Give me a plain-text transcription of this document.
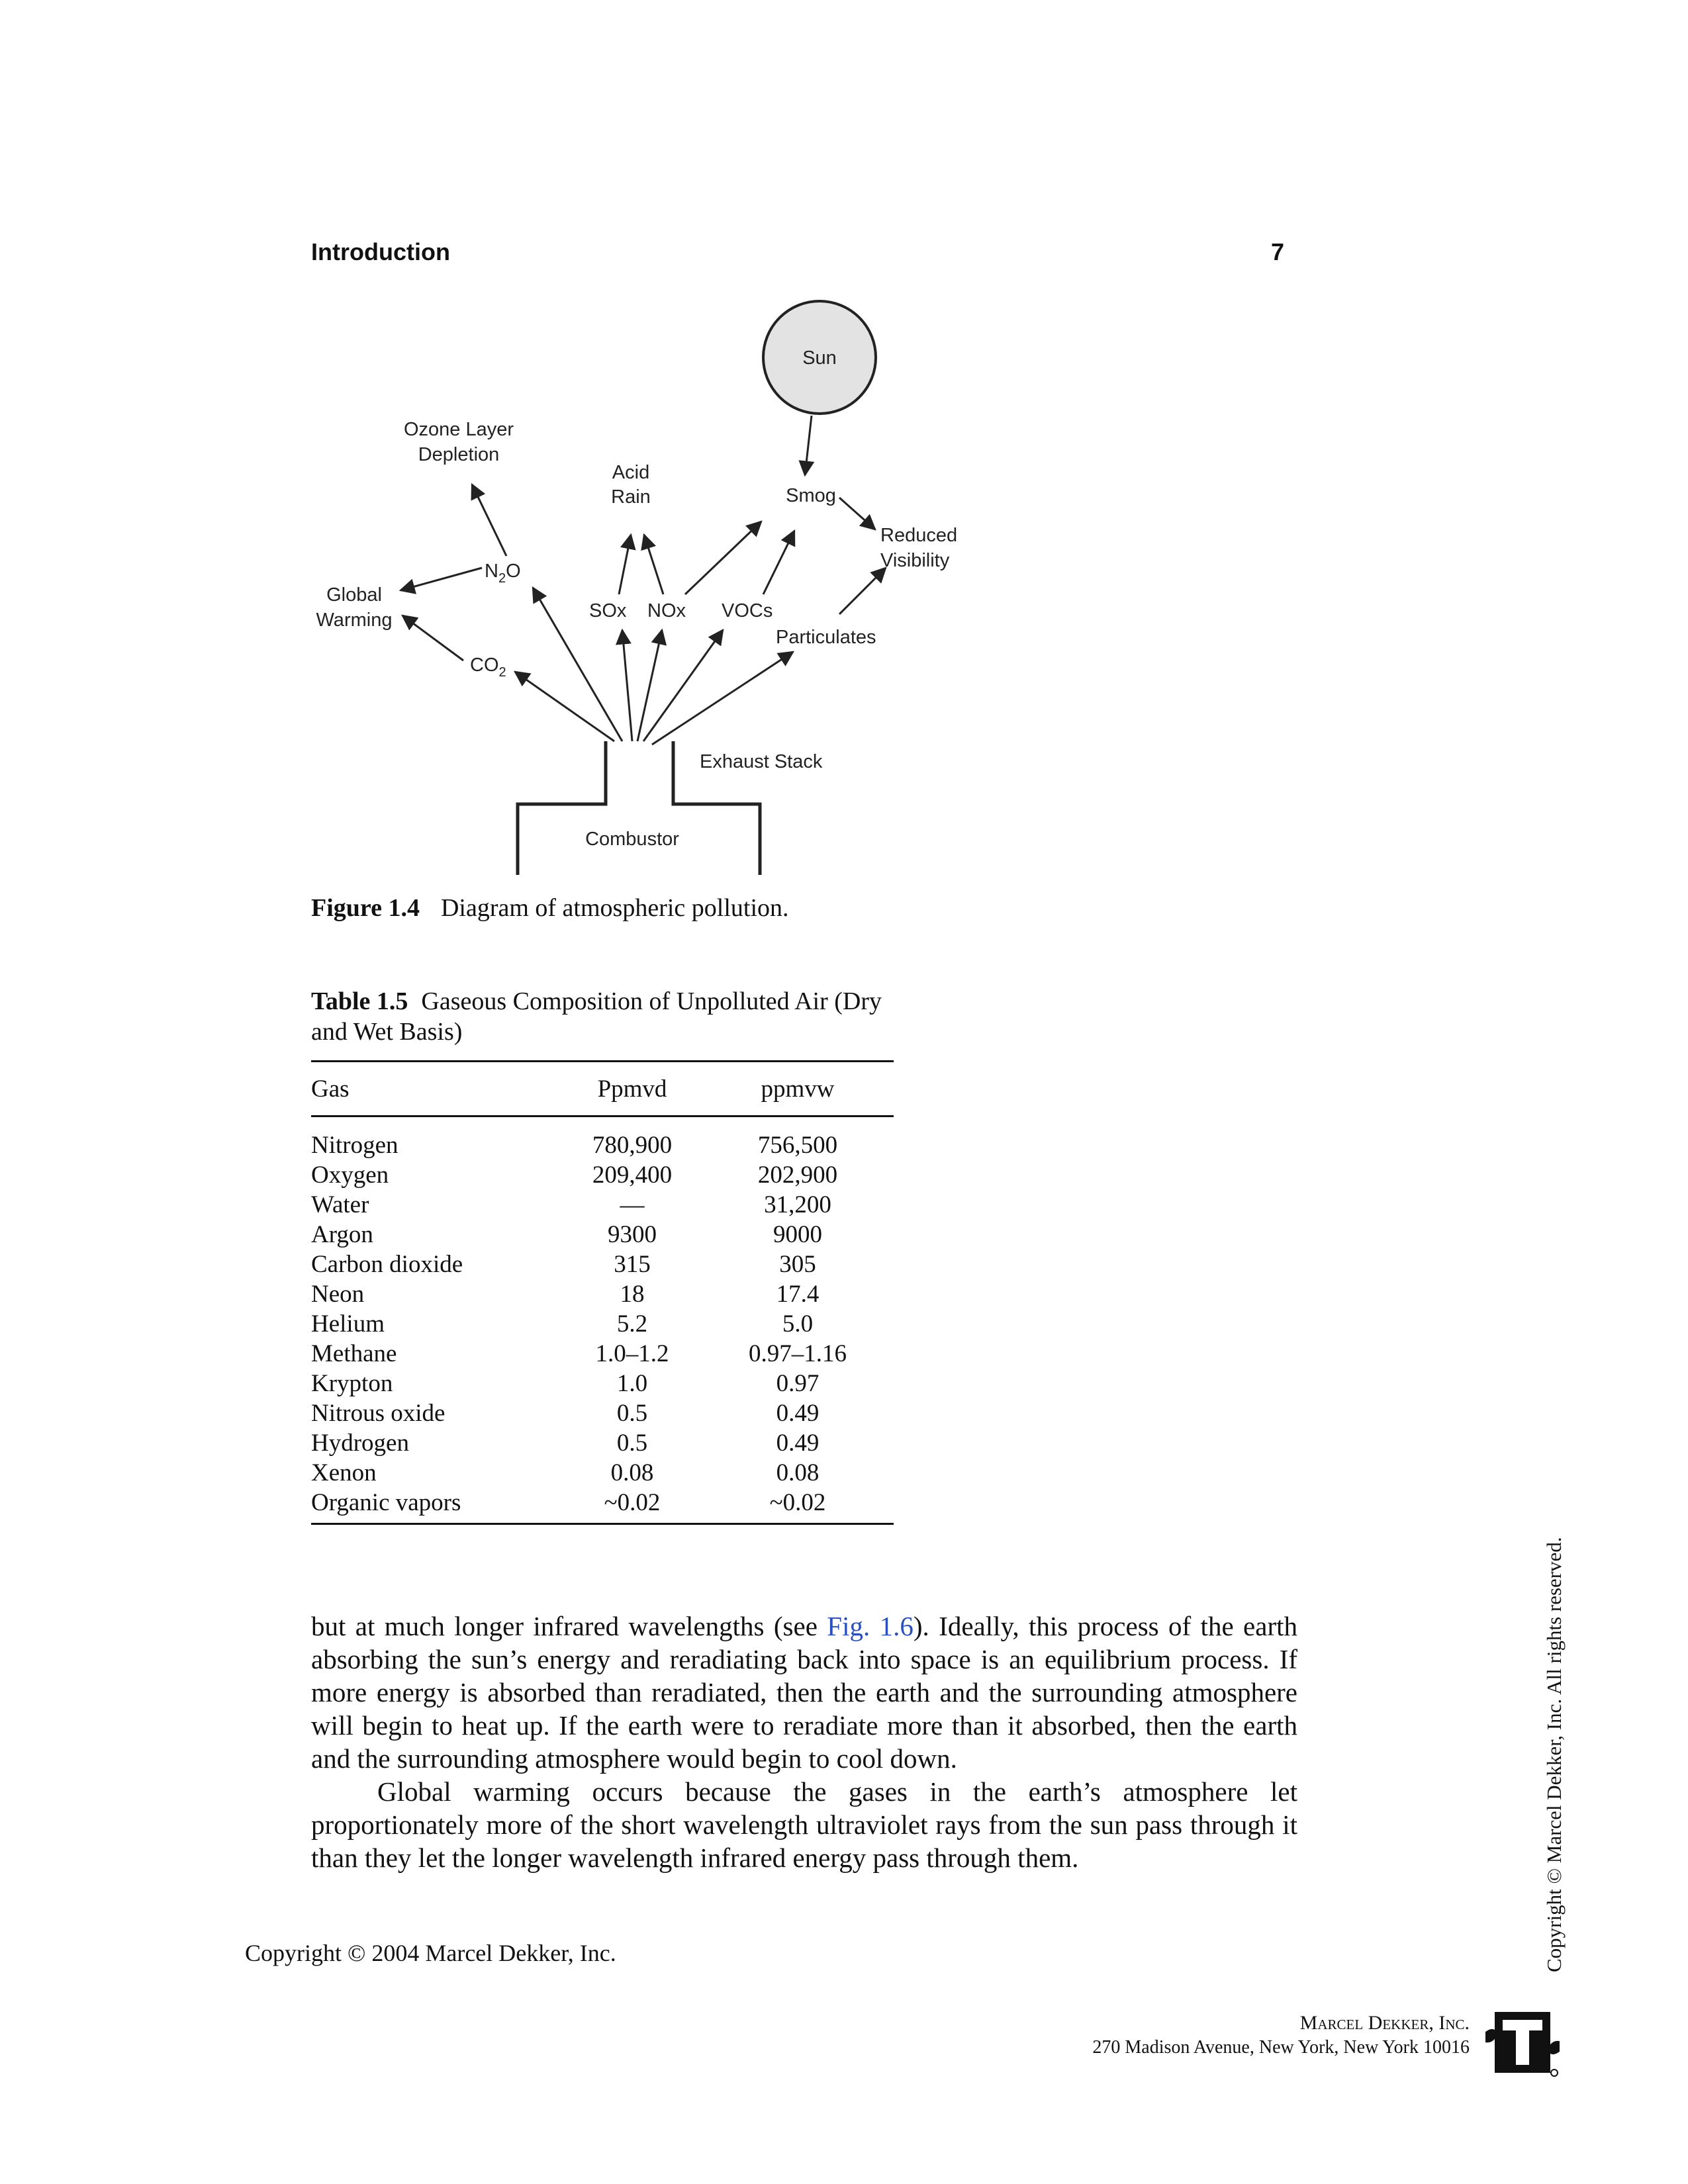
Introduction	7
Sun
Ozone Layer
Depletion
Acid
Rain	Smog
Reduced
Visibility
Global
Warming
$N_2O$
$CO_2$
SOx NOx VOCs
Particulates
Exhaust Stack
Combustor
Figure 1.4 Diagram of atmospheric pollution.
Table 1.5 Gaseous Composition of Unpolluted Air (Dry and Wet Basis)
Gas	Ppmvd	ppmvw
Nitrogen	780,900	756,500
Oxygen	209,400	202,900
Water	—	31,200
Argon	9300	9000
Carbon dioxide	315	305
Neon	18	17.4
Helium	5.2	5.0
Methane	1.0–1.2	0.97–1.16
Krypton	1.0	0.97
Nitrous oxide	0.5	0.49
Hydrogen	0.5	0.49
Xenon	0.08	0.08
Organic vapors	~0.02	~0.02

but at much longer infrared wavelengths (see Fig. 1.6). Ideally, this process of the earth absorbing the sun’s energy and reradiating back into space is an equilibrium process. If more energy is absorbed than reradiated, then the earth and the surrounding atmosphere will begin to heat up. If the earth were to reradiate more than it absorbed, then the earth and the surrounding atmosphere would begin to cool down.

Global warming occurs because the gases in the earth’s atmosphere let proportionately more of the short wavelength ultraviolet rays from the sun pass through it than they let the longer wavelength infrared energy pass through them.

Copyright © 2004 Marcel Dekker, Inc.	Copyright © Marcel Dekker, Inc. All rights reserved.
Marcel Dekker, Inc.
270 Madison Avenue, New York, New York 10016
